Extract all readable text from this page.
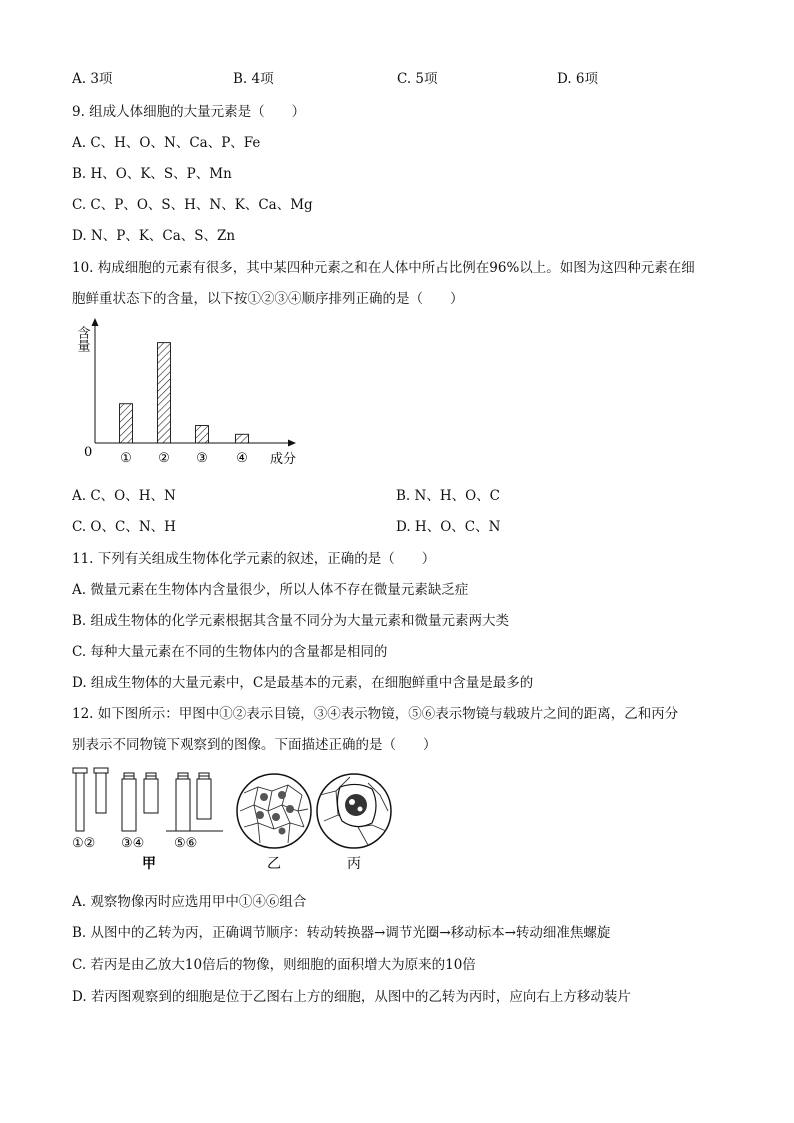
A. 3项	B. 4项	C. 5项	D. 6项
9. 组成人体细胞的大量元素是（　　）
A. C、H、O、N、Ca、P、Fe
B. H、O、K、S、P、Mn
C. C、P、O、S、H、N、K、Ca、Mg
D. N、P、K、Ca、S、Zn
10. 构成细胞的元素有很多，其中某四种元素之和在人体中所占比例在96%以上。如图为这四种元素在细
胞鲜重状态下的含量，以下按①②③④顺序排列正确的是（　　）
含量
0	成分
① ② ③ ④
A. C、O、H、N	B. N、H、O、C
C. O、C、N、H	D. H、O、C、N
11. 下列有关组成生物体化学元素的叙述，正确的是（　　）
A. 微量元素在生物体内含量很少，所以人体不存在微量元素缺乏症
B. 组成生物体的化学元素根据其含量不同分为大量元素和微量元素两大类
C. 每种大量元素在不同的生物体内的含量都是相同的
D. 组成生物体的大量元素中，C是最基本的元素，在细胞鲜重中含量是最多的
12. 如下图所示：甲图中①②表示目镜，③④表示物镜，⑤⑥表示物镜与载玻片之间的距离，乙和丙分
别表示不同物镜下观察到的图像。下面描述正确的是（　　）
①② ③④ ⑤⑥
甲	乙	丙
A. 观察物像丙时应选用甲中①④⑥组合
B. 从图中的乙转为丙，正确调节顺序：转动转换器→调节光圈→移动标本→转动细准焦螺旋
C. 若丙是由乙放大10倍后的物像，则细胞的面积增大为原来的10倍
D. 若丙图观察到的细胞是位于乙图右上方的细胞，从图中的乙转为丙时，应向右上方移动装片
